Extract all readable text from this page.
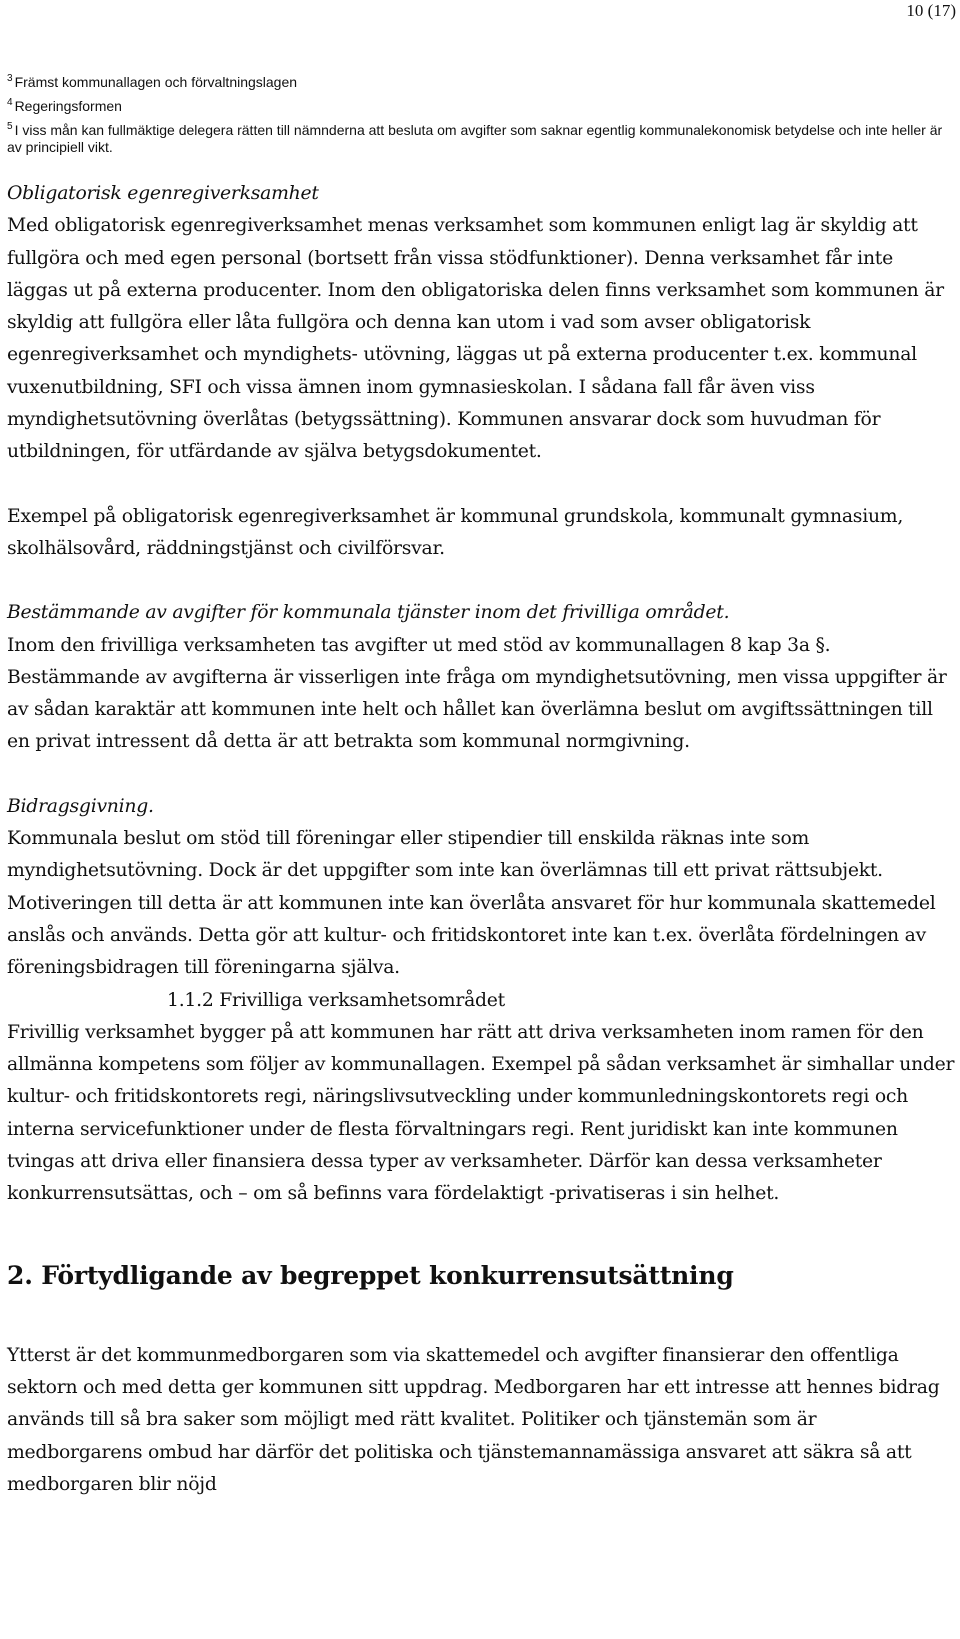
10 (17)

$^3$ Främst kommunallagen och förvaltningslagen

$^4$ Regeringsformen

$^5$ I viss mån kan fullmäktige delegera rätten till nämnderna att besluta om avgifter som saknar egentlig kommunalekonomisk betydelse och inte heller är av principiell vikt.

Obligatorisk egenregiverksamhet

Med obligatorisk egenregiverksamhet menas verksamhet som kommunen enligt lag är skyldig att fullgöra och med egen personal (bortsett från vissa stödfunktioner). Denna verksamhet får inte läggas ut på externa producenter. Inom den obligatoriska delen finns verksamhet som kommunen är skyldig att fullgöra eller låta fullgöra och denna kan utom i vad som avser obligatorisk egenregiverksamhet och myndighets- utövning, läggas ut på externa producenter t.ex. kommunal vuxenutbildning, SFI och vissa ämnen inom gymnasieskolan. I sådana fall får även viss myndighetsutövning överlåtas (betygssättning). Kommunen ansvarar dock som huvudman för utbildningen, för utfärdande av själva betygsdokumentet.

Exempel på obligatorisk egenregiverksamhet är kommunal grundskola, kommunalt gymnasium, skolhälsovård, räddningstjänst och civilförsvar.

Bestämmande av avgifter för kommunala tjänster inom det frivilliga området.

Inom den frivilliga verksamheten tas avgifter ut med stöd av kommunallagen 8 kap 3a §. Bestämmande av avgifterna är visserligen inte fråga om myndighetsutövning, men vissa uppgifter är av sådan karaktär att kommunen inte helt och hållet kan överlämna beslut om avgiftssättningen till en privat intressent då detta är att betrakta som kommunal normgivning.

Bidragsgivning.

Kommunala beslut om stöd till föreningar eller stipendier till enskilda räknas inte som myndighetsutövning. Dock är det uppgifter som inte kan överlämnas till ett privat rättsubjekt. Motiveringen till detta är att kommunen inte kan överlåta ansvaret för hur kommunala skattemedel anslås och används. Detta gör att kultur- och fritidskontoret inte kan t.ex. överlåta fördelningen av föreningsbidragen till föreningarna själva.

1.1.2 Frivilliga verksamhetsområdet

Frivillig verksamhet bygger på att kommunen har rätt att driva verksamheten inom ramen för den allmänna kompetens som följer av kommunallagen. Exempel på sådan verksamhet är simhallar under kultur- och fritidskontorets regi, näringslivsutveckling under kommunledningskontorets regi och interna servicefunktioner under de flesta förvaltningars regi. Rent juridiskt kan inte kommunen tvingas att driva eller finansiera dessa typer av verksamheter. Därför kan dessa verksamheter konkurrensutsättas, och – om så befinns vara fördelaktigt -privatiseras i sin helhet.

2. Förtydligande av begreppet konkurrensutsättning

Ytterst är det kommunmedborgaren som via skattemedel och avgifter finansierar den offentliga sektorn och med detta ger kommunen sitt uppdrag. Medborgaren har ett intresse att hennes bidrag används till så bra saker som möjligt med rätt kvalitet. Politiker och tjänstemän som är medborgarens ombud har därför det politiska och tjänstemannamässiga ansvaret att säkra så att medborgaren blir nöjd
